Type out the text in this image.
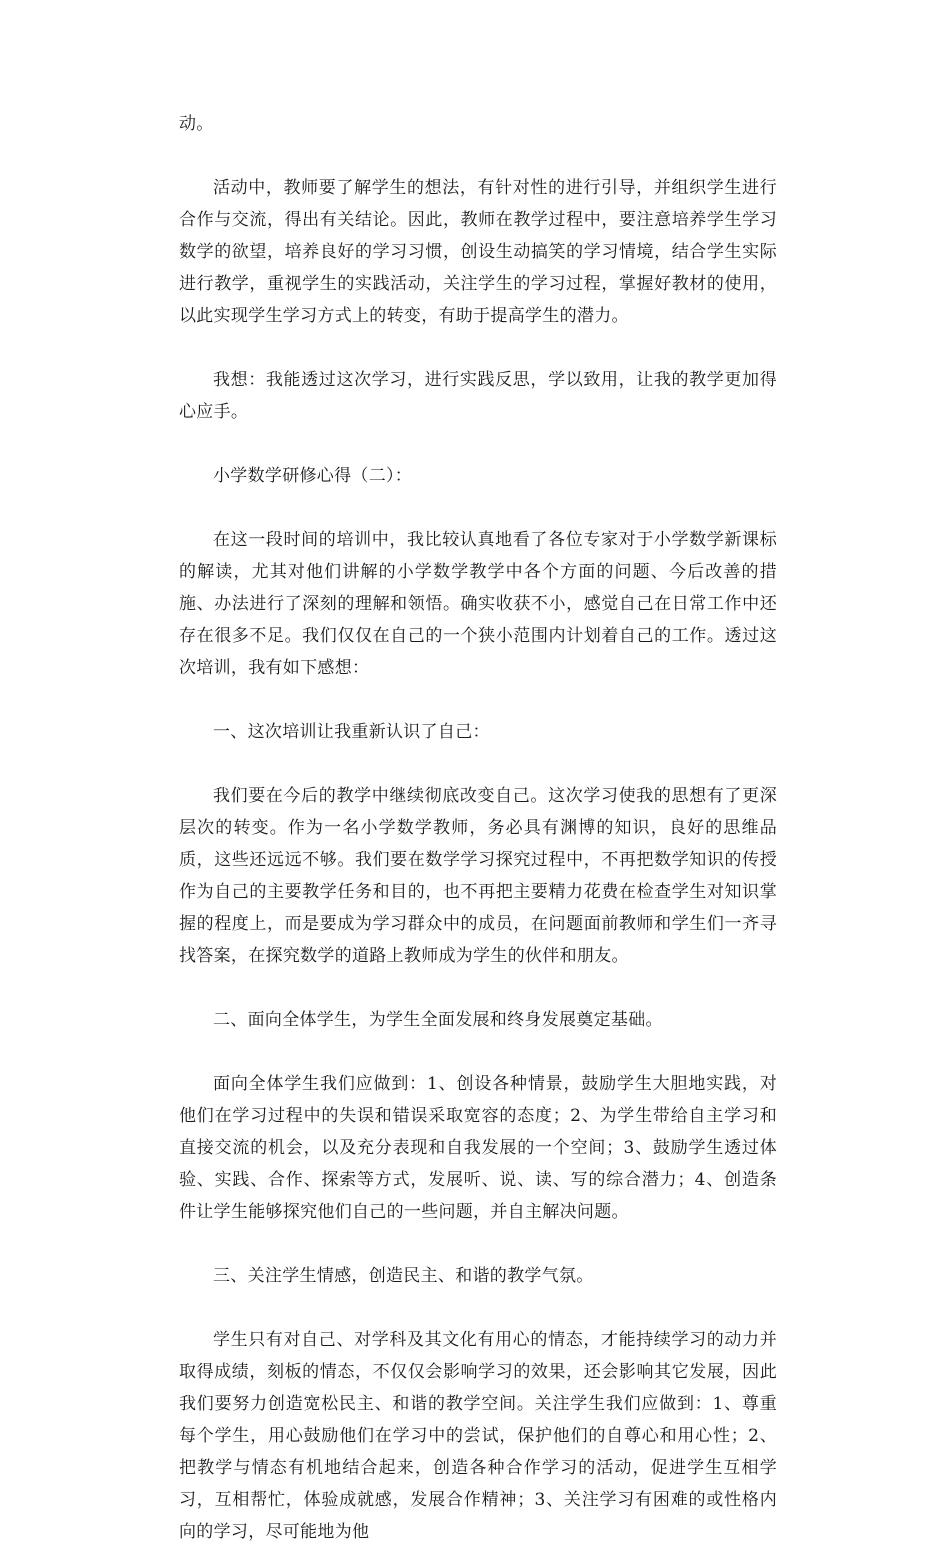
动。

活动中，教师要了解学生的想法，有针对性的进行引导，并组织学生进行合作与交流，得出有关结论。因此，教师在教学过程中，要注意培养学生学习数学的欲望，培养良好的学习习惯，创设生动搞笑的学习情境，结合学生实际进行教学，重视学生的实践活动，关注学生的学习过程，掌握好教材的使用，以此实现学生学习方式上的转变，有助于提高学生的潜力。

我想：我能透过这次学习，进行实践反思，学以致用，让我的教学更加得心应手。

小学数学研修心得（二）：

在这一段时间的培训中，我比较认真地看了各位专家对于小学数学新课标的解读，尤其对他们讲解的小学数学教学中各个方面的问题、今后改善的措施、办法进行了深刻的理解和领悟。确实收获不小，感觉自己在日常工作中还存在很多不足。我们仅仅在自己的一个狭小范围内计划着自己的工作。透过这次培训，我有如下感想：

一、这次培训让我重新认识了自己：

我们要在今后的教学中继续彻底改变自己。这次学习使我的思想有了更深层次的转变。作为一名小学数学教师，务必具有渊博的知识，良好的思维品质，这些还远远不够。我们要在数学学习探究过程中，不再把数学知识的传授作为自己的主要教学任务和目的，也不再把主要精力花费在检查学生对知识掌握的程度上，而是要成为学习群众中的成员，在问题面前教师和学生们一齐寻找答案，在探究数学的道路上教师成为学生的伙伴和朋友。

二、面向全体学生，为学生全面发展和终身发展奠定基础。

面向全体学生我们应做到：1、创设各种情景，鼓励学生大胆地实践，对他们在学习过程中的失误和错误采取宽容的态度；2、为学生带给自主学习和直接交流的机会，以及充分表现和自我发展的一个空间；3、鼓励学生透过体验、实践、合作、探索等方式，发展听、说、读、写的综合潜力；4、创造条件让学生能够探究他们自己的一些问题，并自主解决问题。

三、关注学生情感，创造民主、和谐的教学气氛。

学生只有对自己、对学科及其文化有用心的情态，才能持续学习的动力并取得成绩，刻板的情态，不仅仅会影响学习的效果，还会影响其它发展，因此我们要努力创造宽松民主、和谐的教学空间。关注学生我们应做到：1、尊重每个学生，用心鼓励他们在学习中的尝试，保护他们的自尊心和用心性；2、把教学与情态有机地结合起来，创造各种合作学习的活动，促进学生互相学习，互相帮忙，体验成就感，发展合作精神；3、关注学习有困难的或性格内向的学习，尽可能地为他
